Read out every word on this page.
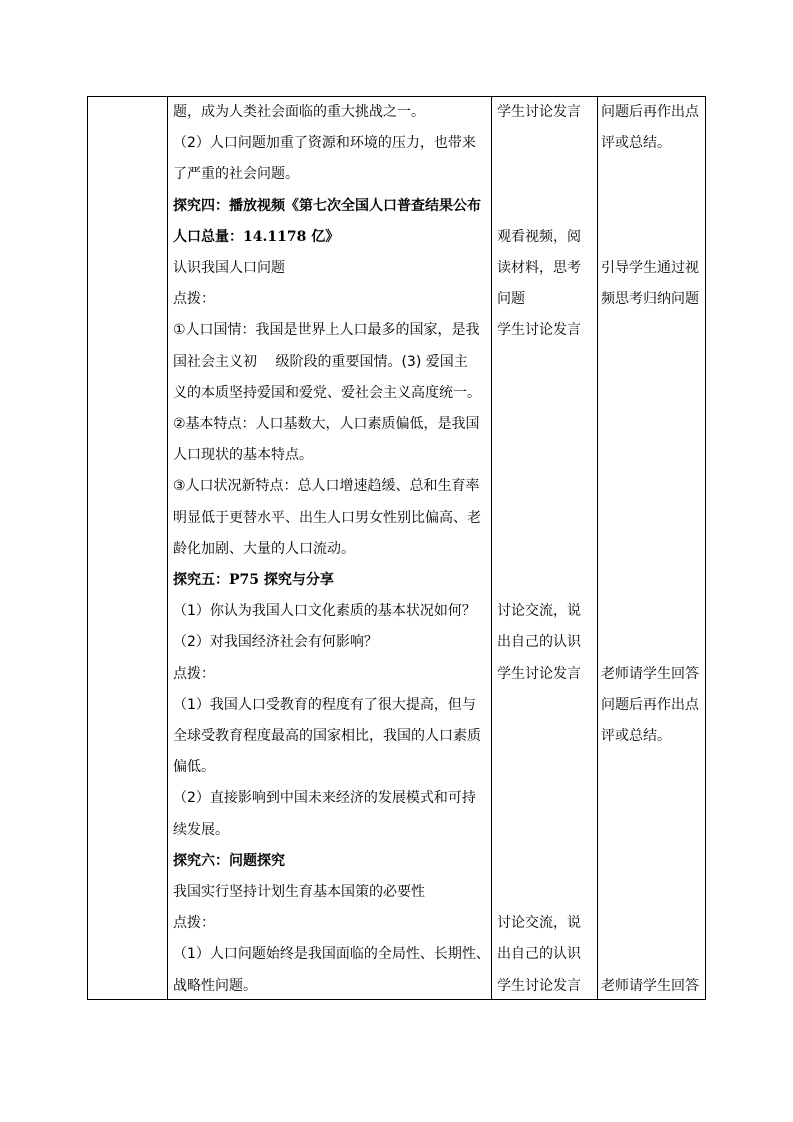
题，成为人类社会面临的重大挑战之一。
（2）人口问题加重了资源和环境的压力，也带来
了严重的社会问题。
探究四：播放视频《第七次全国人口普查结果公布
人口总量：14.1178 亿》
认识我国人口问题
点拨：
①人口国情：我国是世界上人口最多的国家，是我
国社会主义初　 级阶段的重要国情。(3) 爱国主
义的本质坚持爱国和爱党、爱社会主义高度统一。
②基本特点：人口基数大，人口素质偏低，是我国
人口现状的基本特点。
③人口状况新特点：总人口增速趋缓、总和生育率
明显低于更替水平、出生人口男女性别比偏高、老
龄化加剧、大量的人口流动。
探究五：P75 探究与分享
（1）你认为我国人口文化素质的基本状况如何？
（2）对我国经济社会有何影响？
点拨：
（1）我国人口受教育的程度有了很大提高，但与
全球受教育程度最高的国家相比，我国的人口素质
偏低。
（2）直接影响到中国未来经济的发展模式和可持
续发展。
探究六：问题探究
我国实行坚持计划生育基本国策的必要性
点拨：
（1）人口问题始终是我国面临的全局性、长期性、
战略性问题。
学生讨论发言
观看视频，阅
读材料，思考
问题
学生讨论发言
讨论交流，说
出自己的认识
学生讨论发言
讨论交流，说
出自己的认识
学生讨论发言
问题后再作出点
评或总结。
引导学生通过视
频思考归纳问题
老师请学生回答
问题后再作出点
评或总结。
老师请学生回答
